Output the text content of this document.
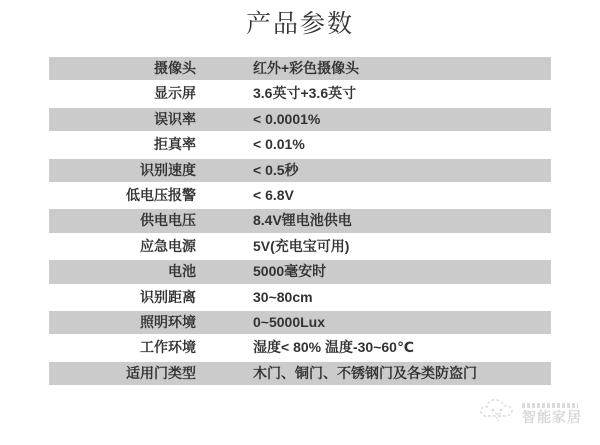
产品参数
摄像头	红外+彩色摄像头
显示屏	3.6英寸+3.6英寸
误识率	< 0.0001%
拒真率	< 0.01%
识别速度	< 0.5秒
低电压报警	< 6.8V
供电电压	8.4V锂电池供电
应急电源	5V(充电宝可用)
电池	5000毫安时
识别距离	30~80cm
照明环境	0~5000Lux
工作环境	湿度< 80% 温度-30~60℃
适用门类型	木门、铜门、不锈钢门及各类防盗门
智能家居
